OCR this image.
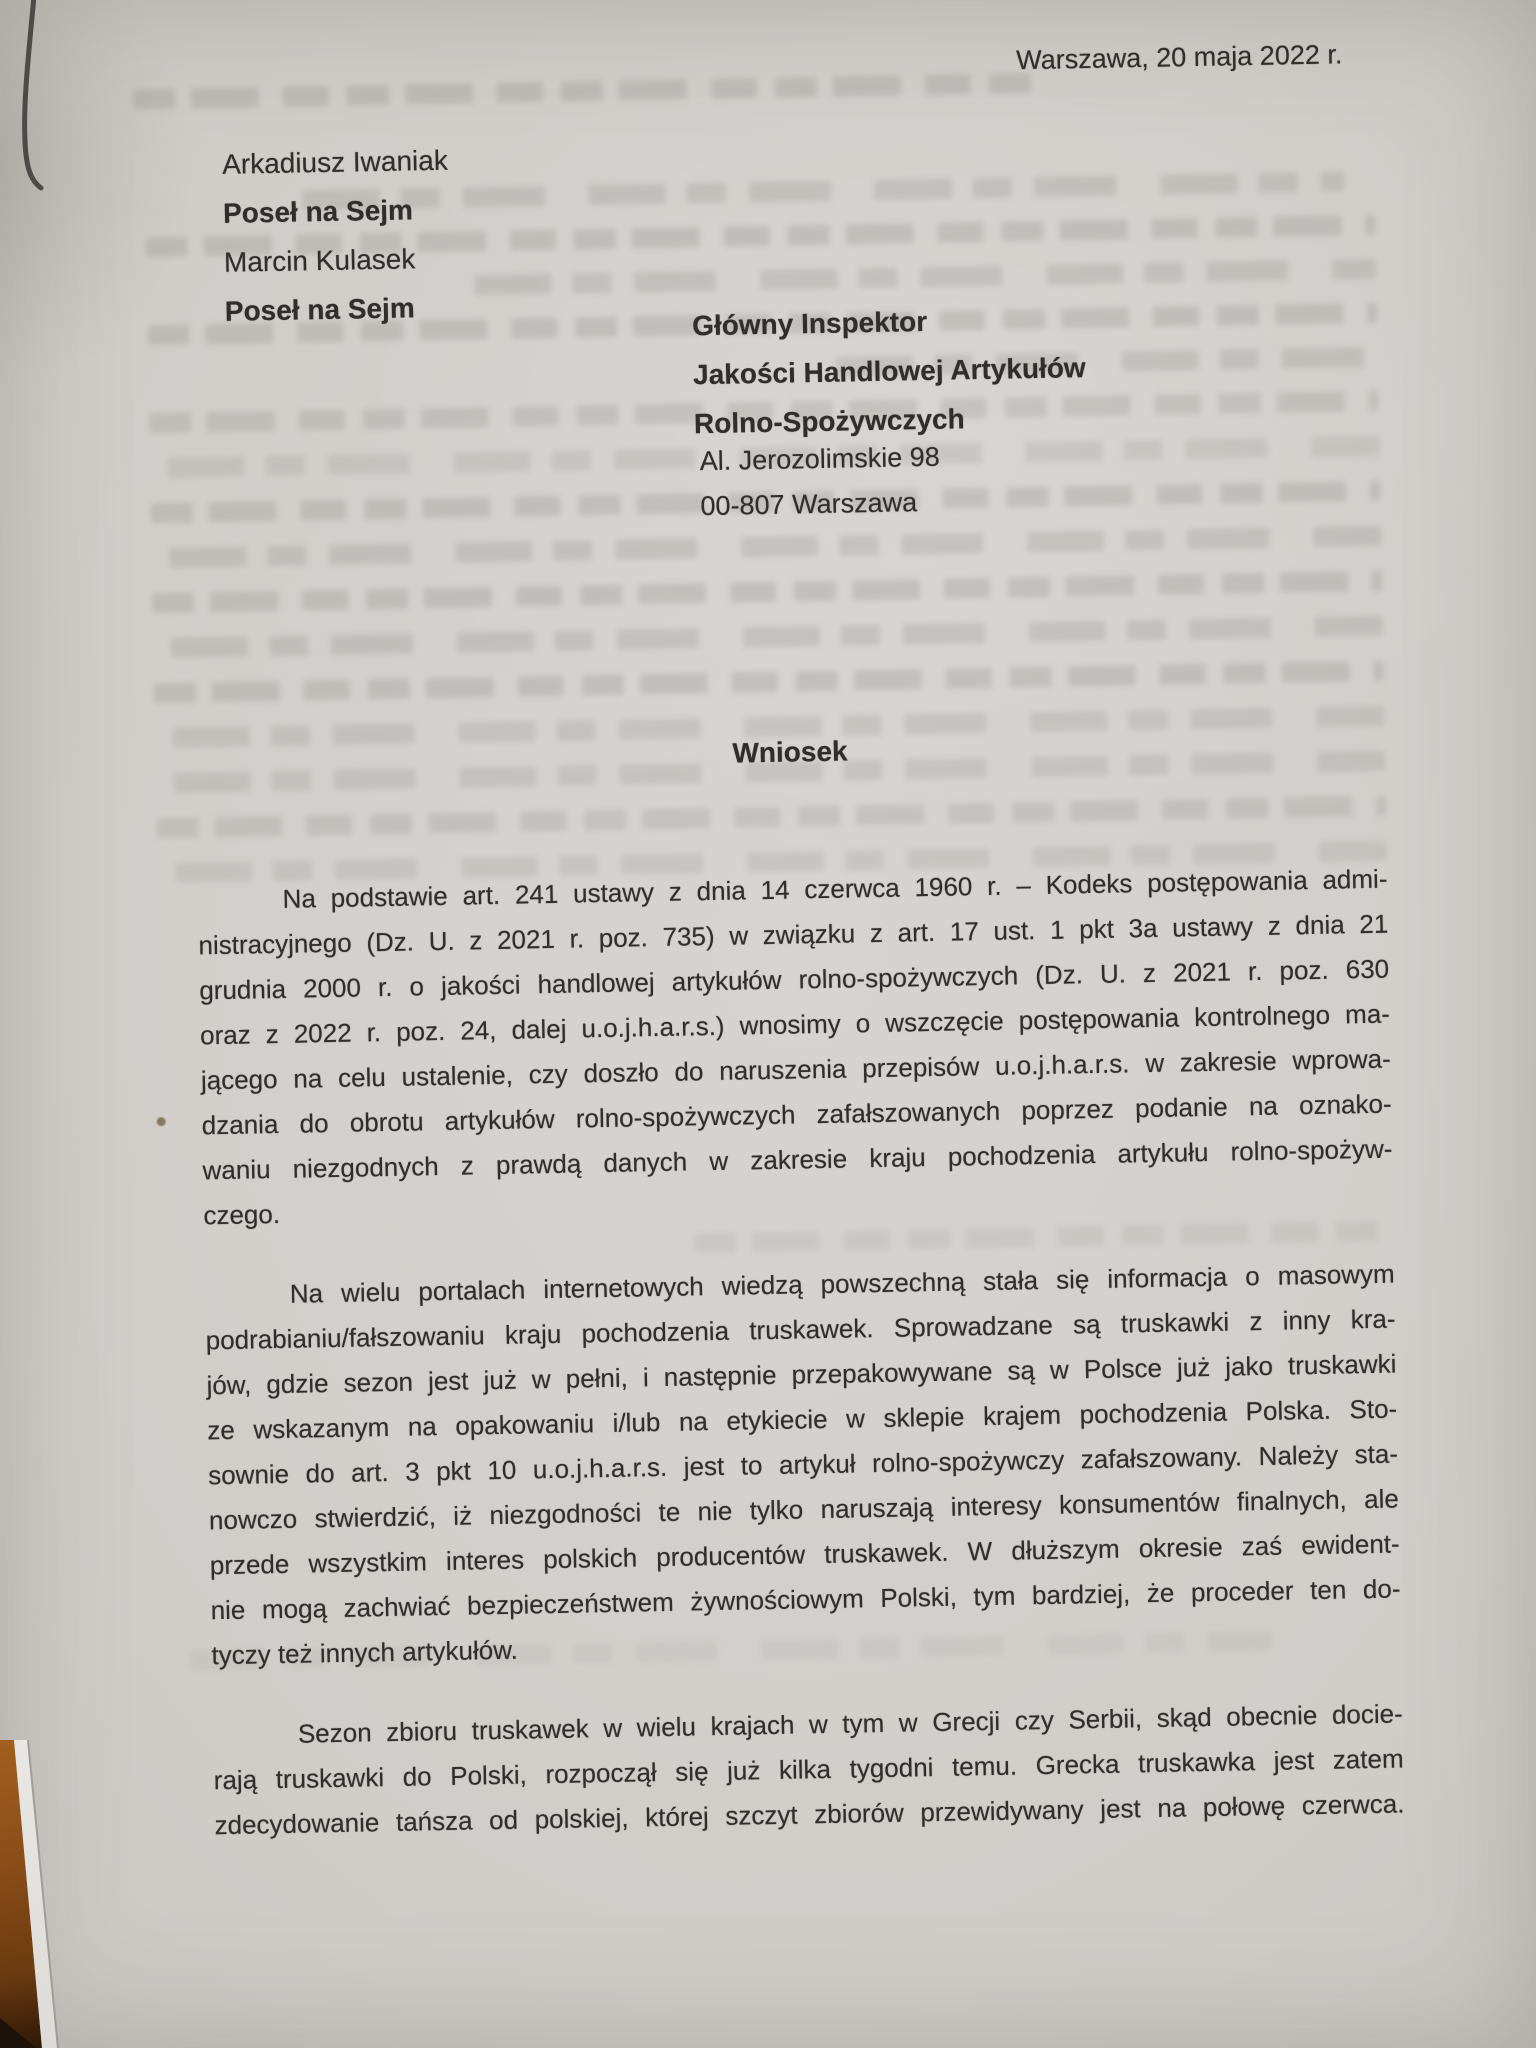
Warszawa, 20 maja 2022 r.
Arkadiusz Iwaniak
Poseł na Sejm
Marcin Kulasek
Poseł na Sejm	Główny Inspektor
Jakości Handlowej Artykułów
Rolno-Spożywczych
Al. Jerozolimskie 98
00-807 Warszawa
Wniosek
Na podstawie art. 241 ustawy z dnia 14 czerwca 1960 r. – Kodeks postępowania admi-
nistracyjnego (Dz. U. z 2021 r. poz. 735) w związku z art. 17 ust. 1 pkt 3a ustawy z dnia 21
grudnia 2000 r. o jakości handlowej artykułów rolno-spożywczych (Dz. U. z 2021 r. poz. 630
oraz z 2022 r. poz. 24, dalej u.o.j.h.a.r.s.) wnosimy o wszczęcie postępowania kontrolnego ma-
jącego na celu ustalenie, czy doszło do naruszenia przepisów u.o.j.h.a.r.s. w zakresie wprowa-
dzania do obrotu artykułów rolno-spożywczych zafałszowanych poprzez podanie na oznako-
waniu niezgodnych z prawdą danych w zakresie kraju pochodzenia artykułu rolno-spożyw-
czego.
Na wielu portalach internetowych wiedzą powszechną stała się informacja o masowym
podrabianiu/fałszowaniu kraju pochodzenia truskawek. Sprowadzane są truskawki z inny kra-
jów, gdzie sezon jest już w pełni, i następnie przepakowywane są w Polsce już jako truskawki
ze wskazanym na opakowaniu i/lub na etykiecie w sklepie krajem pochodzenia Polska. Sto-
sownie do art. 3 pkt 10 u.o.j.h.a.r.s. jest to artykuł rolno-spożywczy zafałszowany. Należy sta-
nowczo stwierdzić, iż niezgodności te nie tylko naruszają interesy konsumentów finalnych, ale
przede wszystkim interes polskich producentów truskawek. W dłuższym okresie zaś ewident-
nie mogą zachwiać bezpieczeństwem żywnościowym Polski, tym bardziej, że proceder ten do-
tyczy też innych artykułów.
Sezon zbioru truskawek w wielu krajach w tym w Grecji czy Serbii, skąd obecnie docie-
rają truskawki do Polski, rozpoczął się już kilka tygodni temu. Grecka truskawka jest zatem
zdecydowanie tańsza od polskiej, której szczyt zbiorów przewidywany jest na połowę czerwca.
